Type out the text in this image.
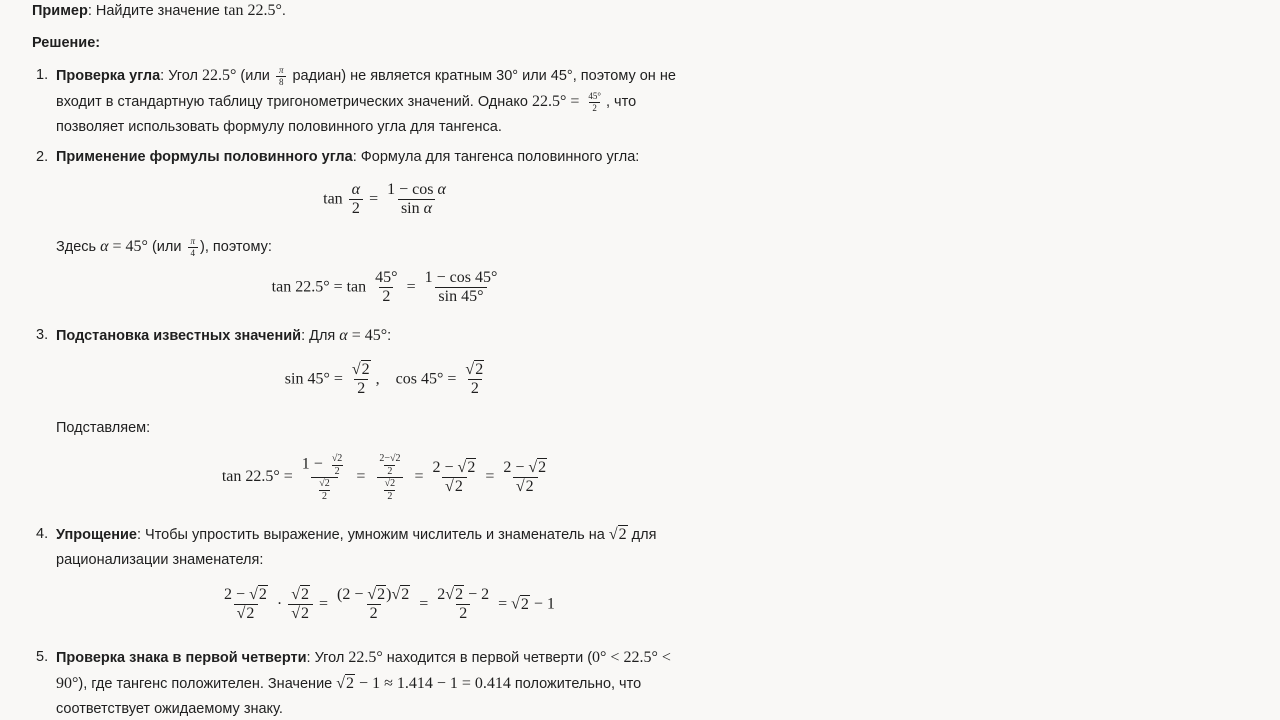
Пример: Найдите значение tan 22.5°.
Решение:
1. Проверка угла: Угол 22.5° ($или \frac{\pi}{8}$ радиан) не является кратным 30° или 45°, поэтому он не
входит в стандартную таблицу тригонометрических значений. Однако $22.5^\circ = \frac{45^\circ}{2}$ , что
позволяет использовать формулу половинного угла для тангенса.
2. Применение формулы половинного угла: Формула для тангенса половинного угла:
$\tan \frac{\alpha}{2} = \frac{\text{1 − cos α}}{\text{sin α}}$
Здесь α = 45° ($или \frac{\pi}{4}$ ), поэтому:
$\tan 22.5^\circ = \tan \frac{45^\circ}{2} = \frac{1 - \cos 45^\circ}{\sin 45^\circ}$
3. Подстановка известных значений: Для α = 45°:
$\sin 45^\circ = \frac{√2}{2}$ ,    $\cos 45^\circ = \frac{√2}{2}$
Подставляем:
$\tan 22.5^\circ = \frac{1 - \frac{√2}{2}}{\frac{√2}{2}} = \frac{\frac{2-√2}{2}}{\frac{√2}{2}} = \frac{2 - √2}{√2} = \frac{2 - √2}{√2}$
4. Упрощение: Чтобы упростить выражение, умножим числитель и знаменатель на √2 для
рационализации знаменателя:
$\frac{2 - √2}{√2} \cdot \frac{√2}{√2} = \frac{(2 - √2)√2}{2} = \frac{2√2 - 2}{2} = √2 - 1$
5. Проверка знака в первой четверти: Угол 22.5° находится в первой четверти (0° < 22.5° <
90°), где тангенс положителен. Значение √2 − 1 ≈ 1.414 − 1 = 0.414 положительно, что
соответствует ожидаемому знаку.
